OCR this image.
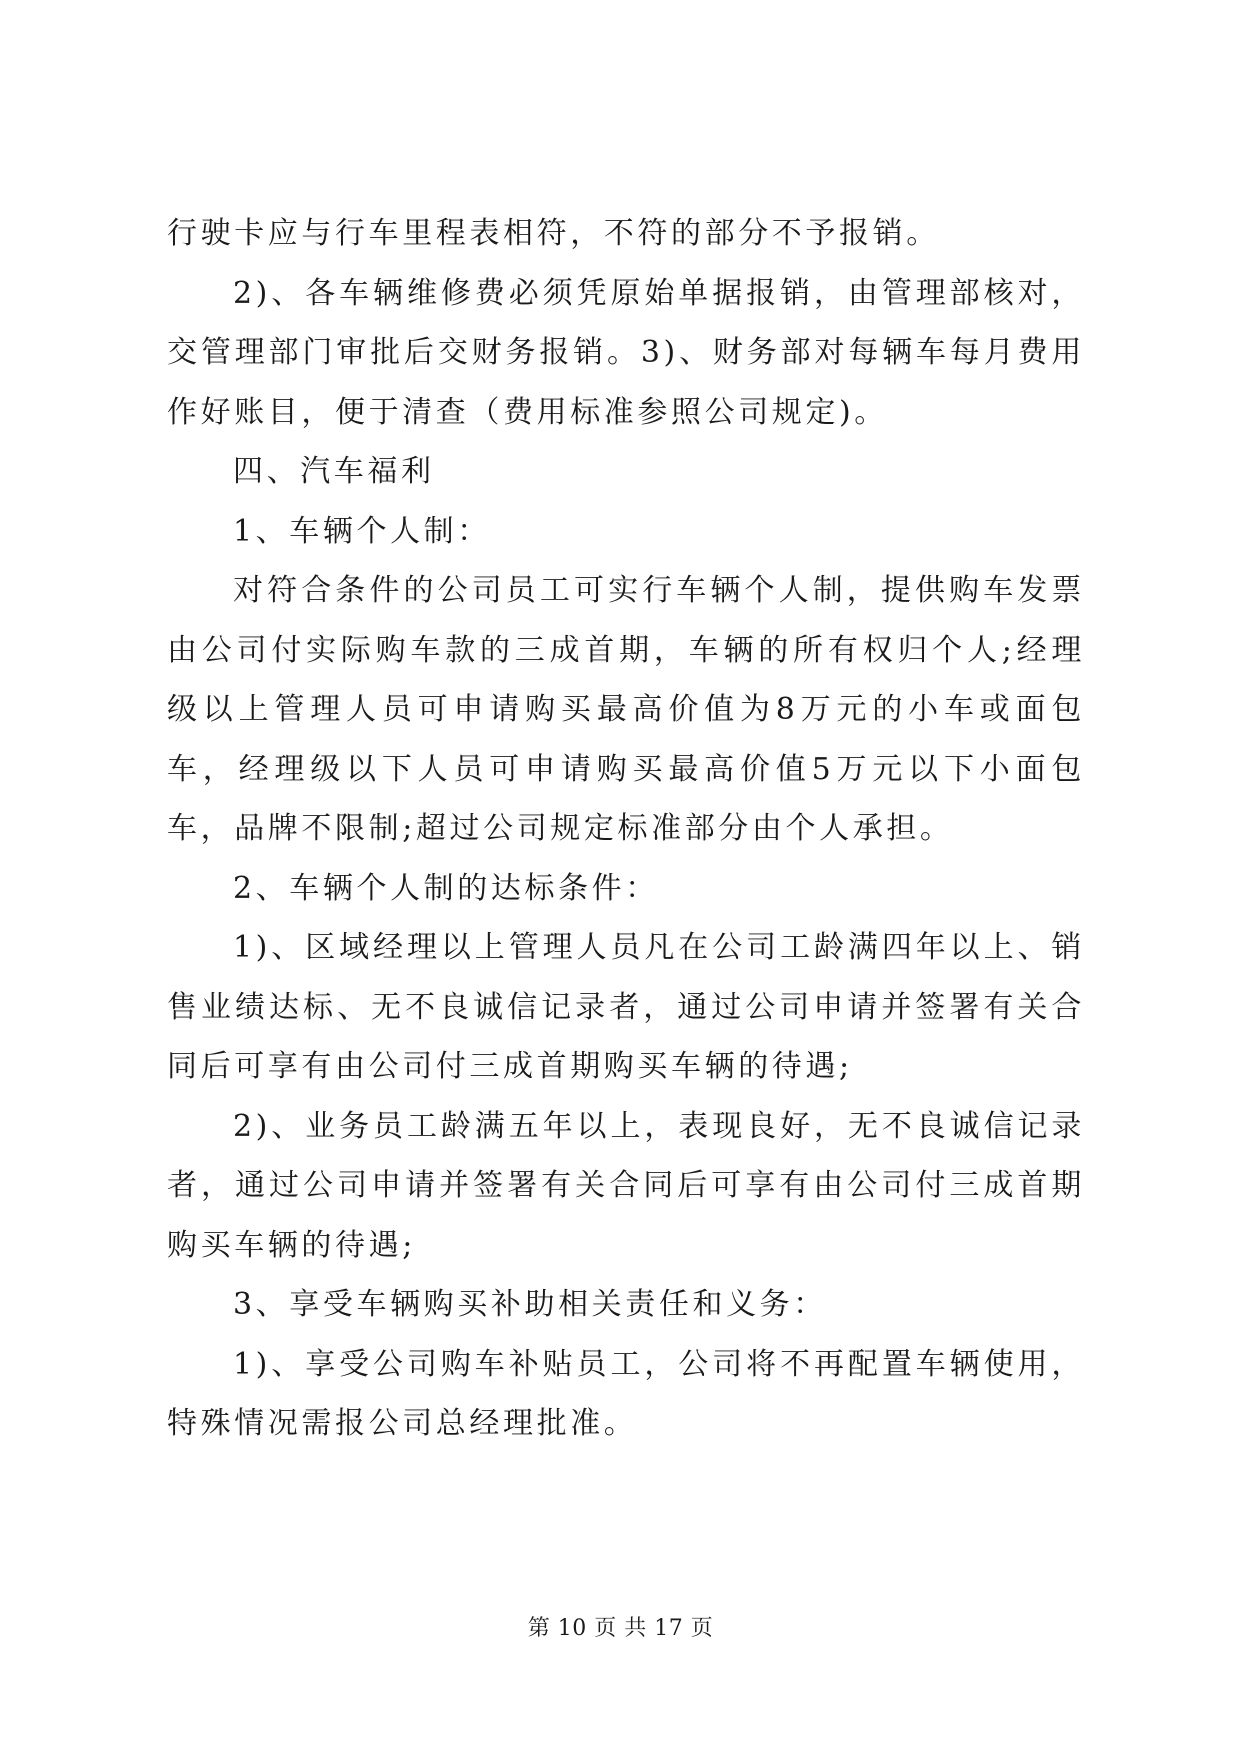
行驶卡应与行车里程表相符，不符的部分不予报销。

2)、各车辆维修费必须凭原始单据报销，由管理部核对，交管理部门审批后交财务报销。3)、财务部对每辆车每月费用作好账目，便于清查（费用标准参照公司规定)。

四、汽车福利

1、车辆个人制：

对符合条件的公司员工可实行车辆个人制，提供购车发票由公司付实际购车款的三成首期，车辆的所有权归个人;经理级以上管理人员可申请购买最高价值为8万元的小车或面包车，经理级以下人员可申请购买最高价值5万元以下小面包车，品牌不限制;超过公司规定标准部分由个人承担。

2、车辆个人制的达标条件：

1)、区域经理以上管理人员凡在公司工龄满四年以上、销售业绩达标、无不良诚信记录者，通过公司申请并签署有关合同后可享有由公司付三成首期购买车辆的待遇;

2)、业务员工龄满五年以上，表现良好，无不良诚信记录者，通过公司申请并签署有关合同后可享有由公司付三成首期购买车辆的待遇;

3、享受车辆购买补助相关责任和义务：

1)、享受公司购车补贴员工，公司将不再配置车辆使用，特殊情况需报公司总经理批准。

第 10 页 共 17 页
